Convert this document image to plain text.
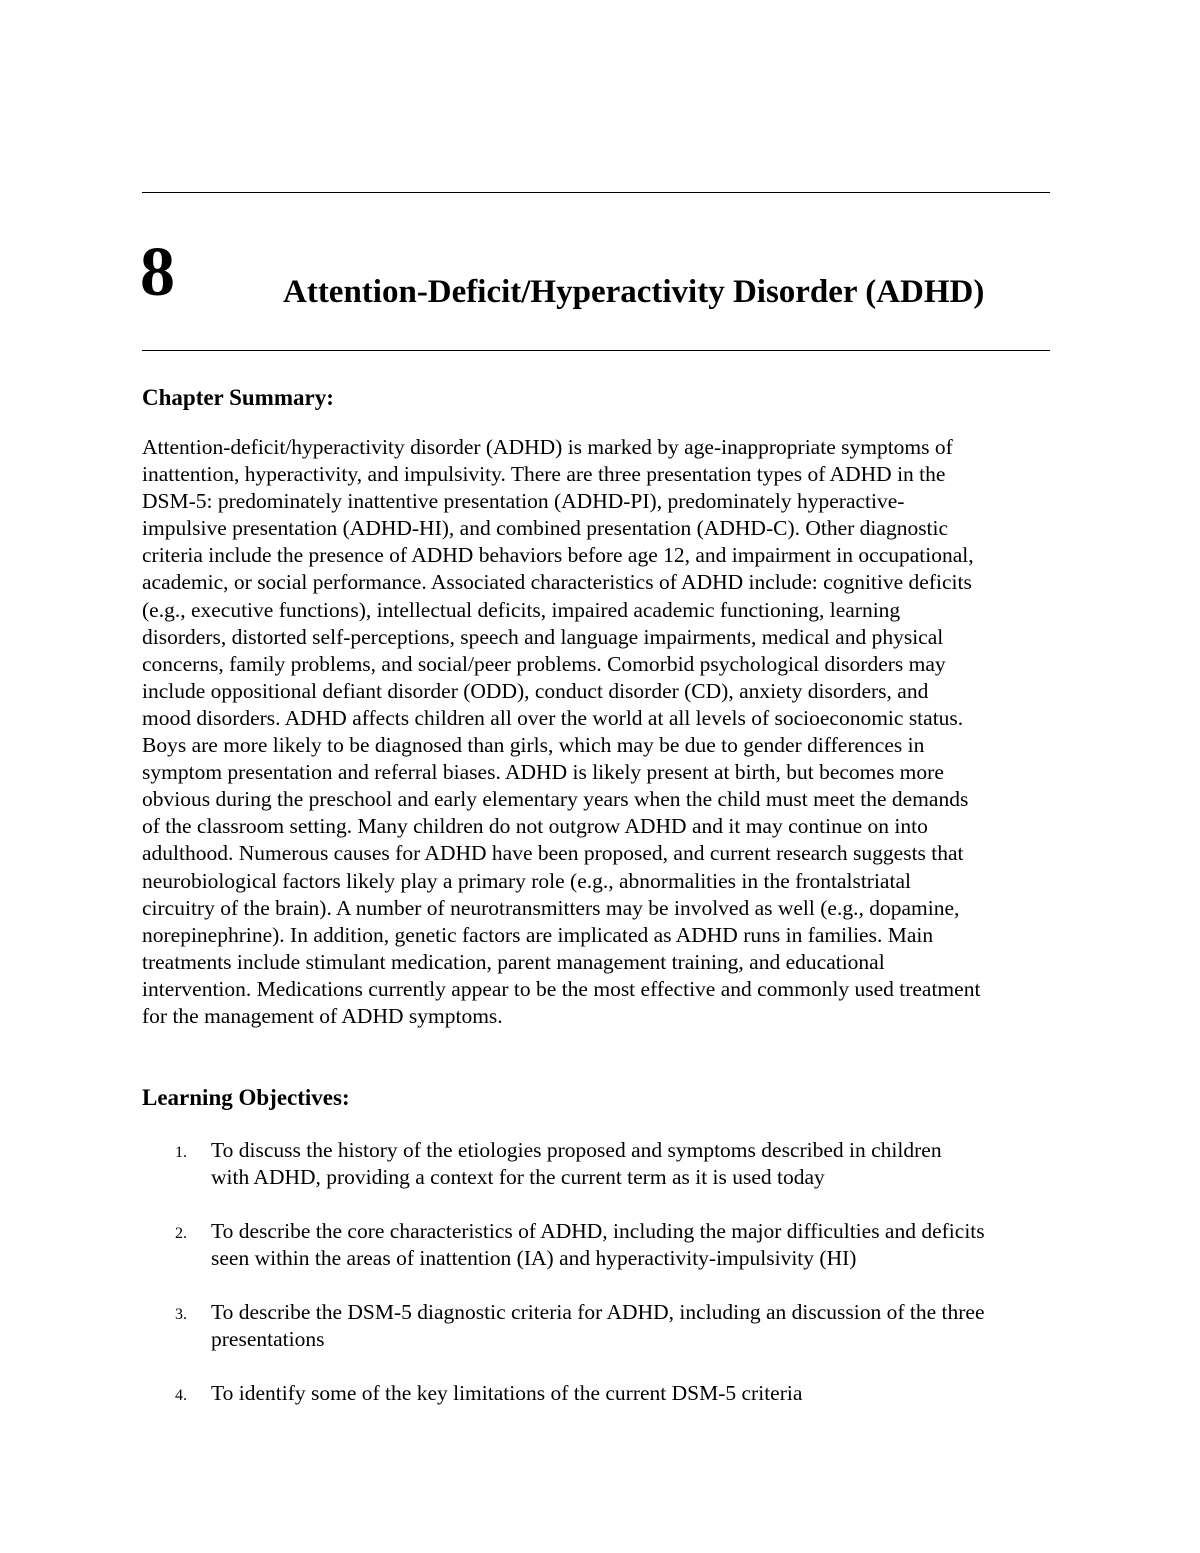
8	Attention-Deficit/Hyperactivity Disorder (ADHD)
Chapter Summary:
Attention-deficit/hyperactivity disorder (ADHD) is marked by age-inappropriate symptoms of
inattention, hyperactivity, and impulsivity. There are three presentation types of ADHD in the
DSM-5: predominately inattentive presentation (ADHD-PI), predominately hyperactive-
impulsive presentation (ADHD-HI), and combined presentation (ADHD-C). Other diagnostic
criteria include the presence of ADHD behaviors before age 12, and impairment in occupational,
academic, or social performance. Associated characteristics of ADHD include: cognitive deficits
(e.g., executive functions), intellectual deficits, impaired academic functioning, learning
disorders, distorted self-perceptions, speech and language impairments, medical and physical
concerns, family problems, and social/peer problems. Comorbid psychological disorders may
include oppositional defiant disorder (ODD), conduct disorder (CD), anxiety disorders, and
mood disorders. ADHD affects children all over the world at all levels of socioeconomic status.
Boys are more likely to be diagnosed than girls, which may be due to gender differences in
symptom presentation and referral biases. ADHD is likely present at birth, but becomes more
obvious during the preschool and early elementary years when the child must meet the demands
of the classroom setting. Many children do not outgrow ADHD and it may continue on into
adulthood. Numerous causes for ADHD have been proposed, and current research suggests that
neurobiological factors likely play a primary role (e.g., abnormalities in the frontalstriatal
circuitry of the brain). A number of neurotransmitters may be involved as well (e.g., dopamine,
norepinephrine). In addition, genetic factors are implicated as ADHD runs in families. Main
treatments include stimulant medication, parent management training, and educational
intervention. Medications currently appear to be the most effective and commonly used treatment
for the management of ADHD symptoms.
Learning Objectives:
1. To discuss the history of the etiologies proposed and symptoms described in children
with ADHD, providing a context for the current term as it is used today
2. To describe the core characteristics of ADHD, including the major difficulties and deficits
seen within the areas of inattention (IA) and hyperactivity-impulsivity (HI)
3. To describe the DSM-5 diagnostic criteria for ADHD, including an discussion of the three
presentations
4. To identify some of the key limitations of the current DSM-5 criteria
